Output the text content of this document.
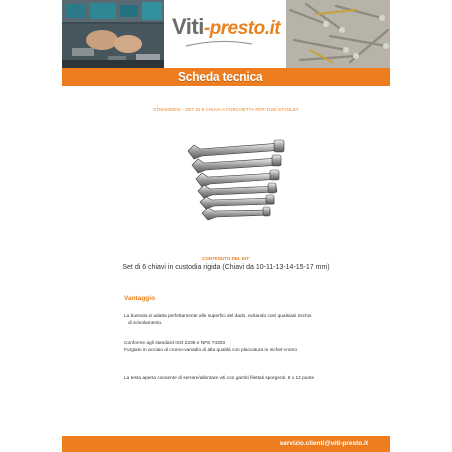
Viti-presto.it
Scheda tecnica
STN000000X - SET DI 6 CHIAVI A FORCHETTA PER TUBI STANLEY
CONTENUTO DEL KIT:
Set di 6 chiavi in custodia rigida (Chiavi da 10-11-13-14-15-17 mm)
Vantaggio
La bussola si adatta perfettamente alle superfici del dado, evitando così qualsiasi rischio
di scivolamento.
Conforme agli standard ISO 2236 e NFE 74303
Forgiato in acciaio al cromo-vanadio di alta qualità con placcatura in nichel-cromo
La testa aperta consente di serrare/allentare viti con gambi filettati sporgenti. 6 x 12 punte
servizio.clienti@viti-presto.it
